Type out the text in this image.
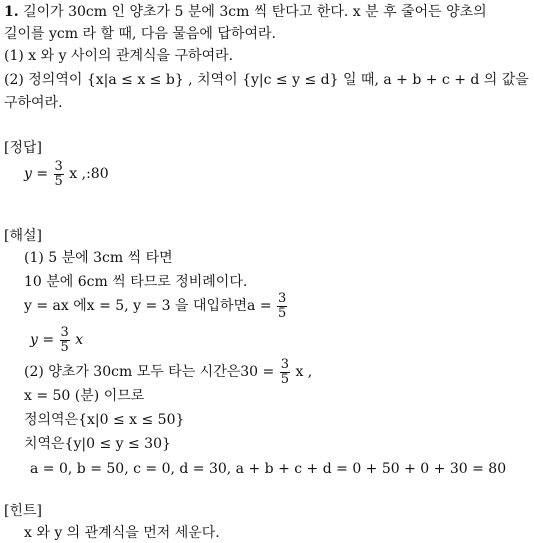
1. 길이가 30cm 인 양초가 5 분에 3cm 씩 탄다고 한다. x 분 후 줄어든 양초의
길이를 ycm 라 할 때, 다음 물음에 답하여라.
(1) x 와 y 사이의 관계식을 구하여라.
(2) 정의역이 {x|a ≤ x ≤ b} , 치역이 {y|c ≤ y ≤ d} 일 때, a + b + c + d 의 값을
구하여라.
[정답]
$y = \frac{3}{5}$ x ,:80
[해설]
(1) 5 분에 3cm 씩 타면
10 분에 6cm 씩 타므로 정비례이다.
y = ax 에x = 5, y = 3 을 대입하면$a = \frac{3}{5}$
$y = \frac{3}{5}$ x
(2) 양초가 30cm 모두 타는 시간은$30 = \frac{3}{5}$ x ,
x = 50 (분) 이므로
정의역은{x|0 ≤ x ≤ 50}
치역은{y|0 ≤ y ≤ 30}
a = 0, b = 50, c = 0, d = 30, a + b + c + d = 0 + 50 + 0 + 30 = 80
[힌트]
x 와 y 의 관계식을 먼저 세운다.
